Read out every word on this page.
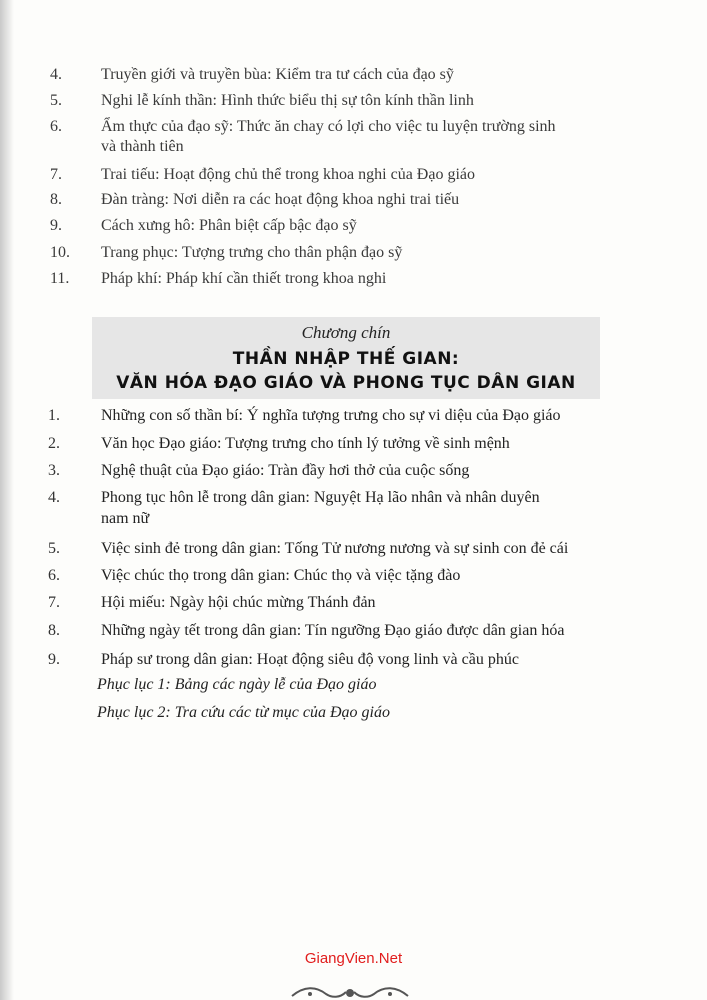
4.	Truyền giới và truyền bùa: Kiểm tra tư cách của đạo sỹ
5.	Nghi lễ kính thần: Hình thức biểu thị sự tôn kính thần linh
6.	Ẩm thực của đạo sỹ: Thức ăn chay có lợi cho việc tu luyện trường sinh
và thành tiên
7.	Trai tiếu: Hoạt động chủ thể trong khoa nghi của Đạo giáo
8.	Đàn tràng: Nơi diễn ra các hoạt động khoa nghi trai tiếu
9.	Cách xưng hô: Phân biệt cấp bậc đạo sỹ
10.	Trang phục: Tượng trưng cho thân phận đạo sỹ
11.	Pháp khí: Pháp khí cần thiết trong khoa nghi
Chương chín
THẦN NHẬP THẾ GIAN:
VĂN HÓA ĐẠO GIÁO VÀ PHONG TỤC DÂN GIAN
1.	Những con số thần bí: Ý nghĩa tượng trưng cho sự vi diệu của Đạo giáo
2.	Văn học Đạo giáo: Tượng trưng cho tính lý tưởng về sinh mệnh
3.	Nghệ thuật của Đạo giáo: Tràn đầy hơi thở của cuộc sống
4.	Phong tục hôn lễ trong dân gian: Nguyệt Hạ lão nhân và nhân duyên
nam nữ
5.	Việc sinh đẻ trong dân gian: Tống Tử nương nương và sự sinh con đẻ cái
6.	Việc chúc thọ trong dân gian: Chúc thọ và việc tặng đào
7.	Hội miếu: Ngày hội chúc mừng Thánh đản
8.	Những ngày tết trong dân gian: Tín ngưỡng Đạo giáo được dân gian hóa
9.	Pháp sư trong dân gian: Hoạt động siêu độ vong linh và cầu phúc
Phục lục 1: Bảng các ngày lễ của Đạo giáo
Phục lục 2: Tra cứu các từ mục của Đạo giáo
GiangVien.Net
